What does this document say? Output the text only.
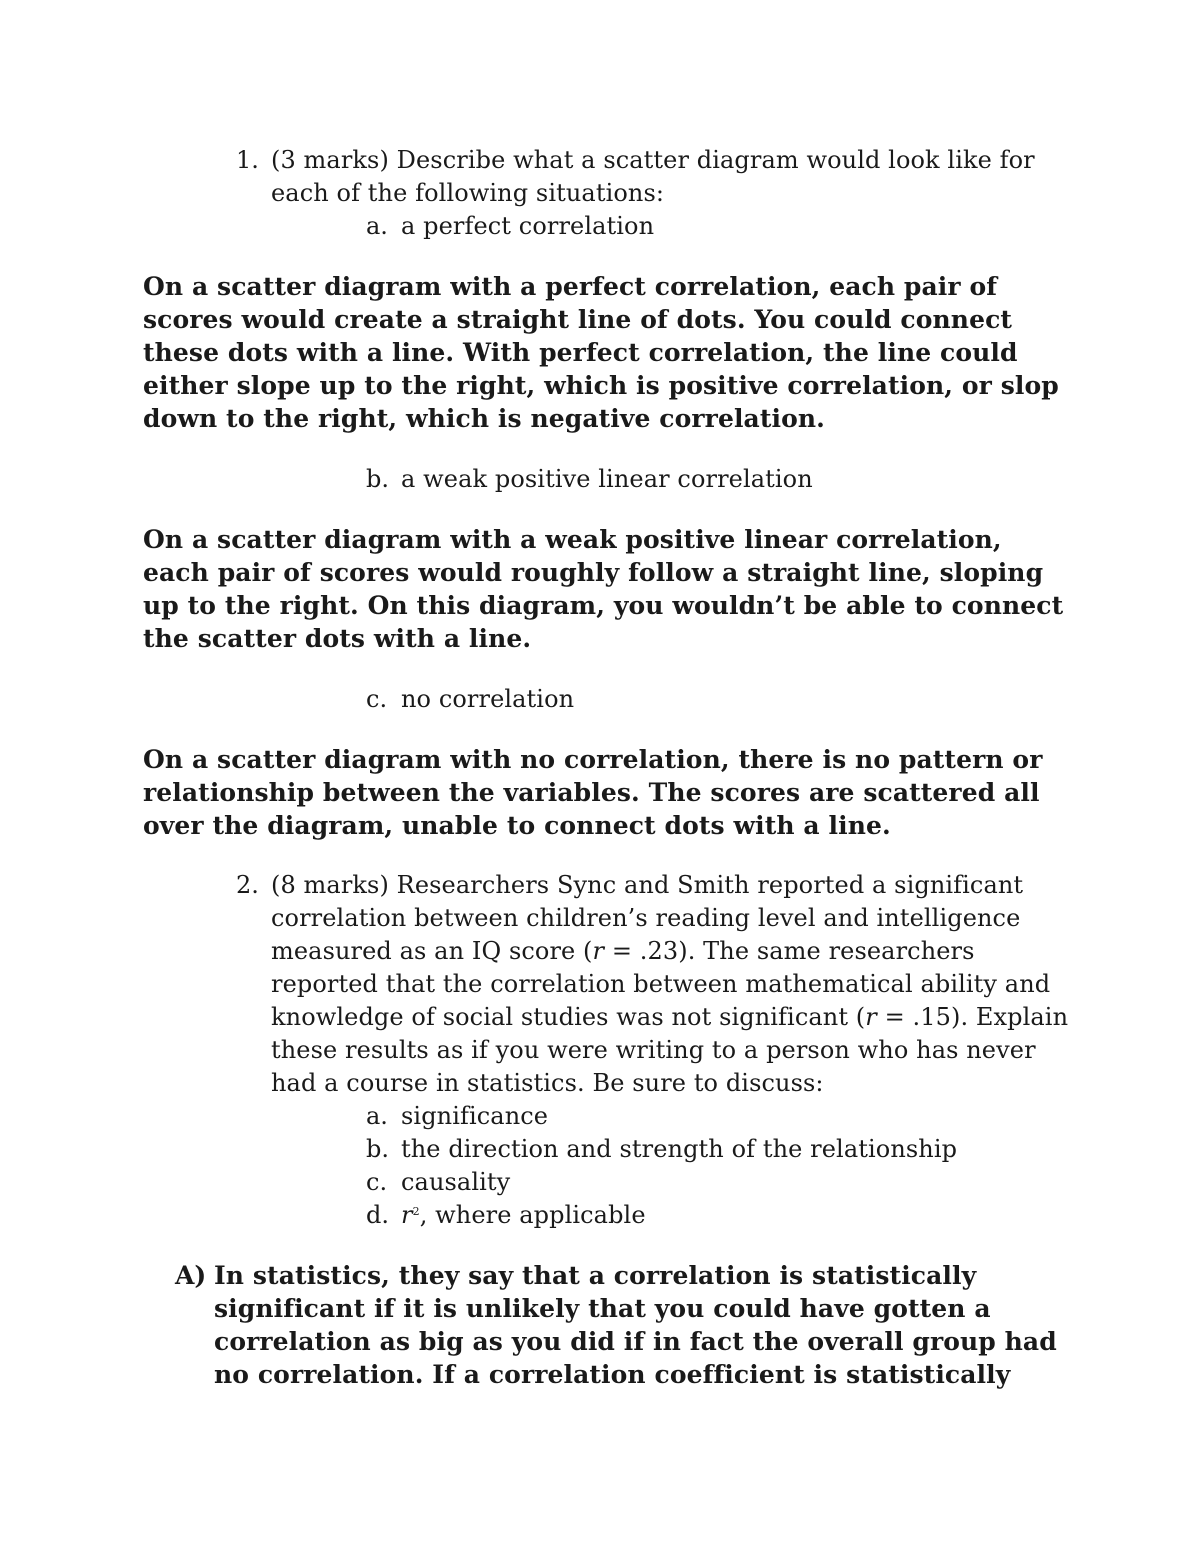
1. (3 marks) Describe what a scatter diagram would look like for
each of the following situations:
a. a perfect correlation
On a scatter diagram with a perfect correlation, each pair of
scores would create a straight line of dots. You could connect
these dots with a line. With perfect correlation, the line could
either slope up to the right, which is positive correlation, or slop
down to the right, which is negative correlation.
b. a weak positive linear correlation
On a scatter diagram with a weak positive linear correlation,
each pair of scores would roughly follow a straight line, sloping
up to the right. On this diagram, you wouldn’t be able to connect
the scatter dots with a line.
c. no correlation
On a scatter diagram with no correlation, there is no pattern or
relationship between the variables. The scores are scattered all
over the diagram, unable to connect dots with a line.
2. (8 marks) Researchers Sync and Smith reported a significant
correlation between children’s reading level and intelligence
measured as an IQ score (r = .23). The same researchers
reported that the correlation between mathematical ability and
knowledge of social studies was not significant (r = .15). Explain
these results as if you were writing to a person who has never
had a course in statistics. Be sure to discuss:
a. significance
b. the direction and strength of the relationship
c. causality
d. $r^2$, where applicable
A) In statistics, they say that a correlation is statistically
significant if it is unlikely that you could have gotten a
correlation as big as you did if in fact the overall group had
no correlation. If a correlation coefficient is statistically
